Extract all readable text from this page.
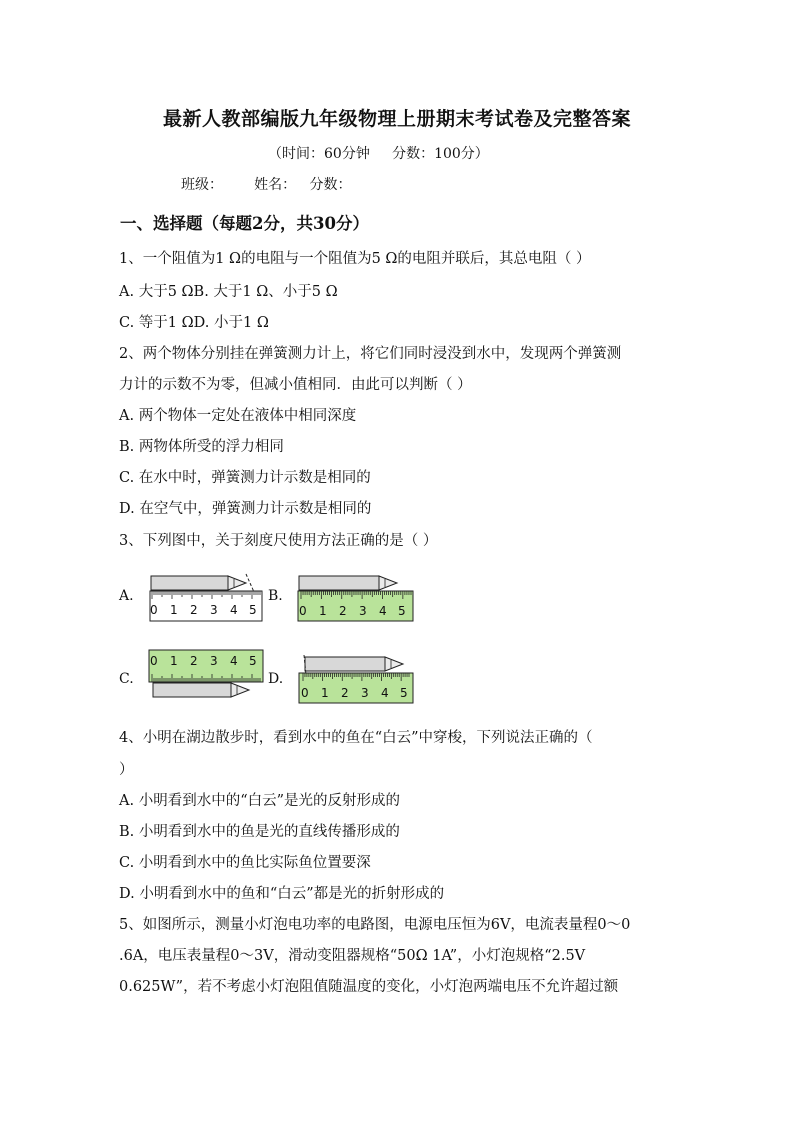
最新人教部编版九年级物理上册期末考试卷及完整答案
（时间：60分钟     分数：100分）
班级：       姓名：   分数：
一、选择题（每题2分，共30分）
1、一个阻值为1 Ω的电阻与一个阻值为5 Ω的电阻并联后，其总电阻（ ）
A. 大于5 ΩB. 大于1 Ω、小于5 Ω
C. 等于1 ΩD. 小于1 Ω
2、两个物体分别挂在弹簧测力计上，将它们同时浸没到水中，发现两个弹簧测
力计的示数不为零，但减小值相同．由此可以判断（ ）
A. 两个物体一定处在液体中相同深度
B. 两物体所受的浮力相同
C. 在水中时，弹簧测力计示数是相同的
D. 在空气中，弹簧测力计示数是相同的
3、下列图中，关于刻度尺使用方法正确的是（ ）
A.	B.
C.	D.
0 1 2 3 4 5	0 1 2 3 4 5
0 1 2 3 4 5
0 1 2 3 4 5
4、小明在湖边散步时，看到水中的鱼在“白云”中穿梭，下列说法正确的（
）
A. 小明看到水中的“白云”是光的反射形成的
B. 小明看到水中的鱼是光的直线传播形成的
C. 小明看到水中的鱼比实际鱼位置要深
D. 小明看到水中的鱼和“白云”都是光的折射形成的
5、如图所示，测量小灯泡电功率的电路图，电源电压恒为6V，电流表量程0～0
.6A，电压表量程0～3V，滑动变阻器规格“50Ω 1A”，小灯泡规格“2.5V
0.625W”，若不考虑小灯泡阻值随温度的变化，小灯泡两端电压不允许超过额
